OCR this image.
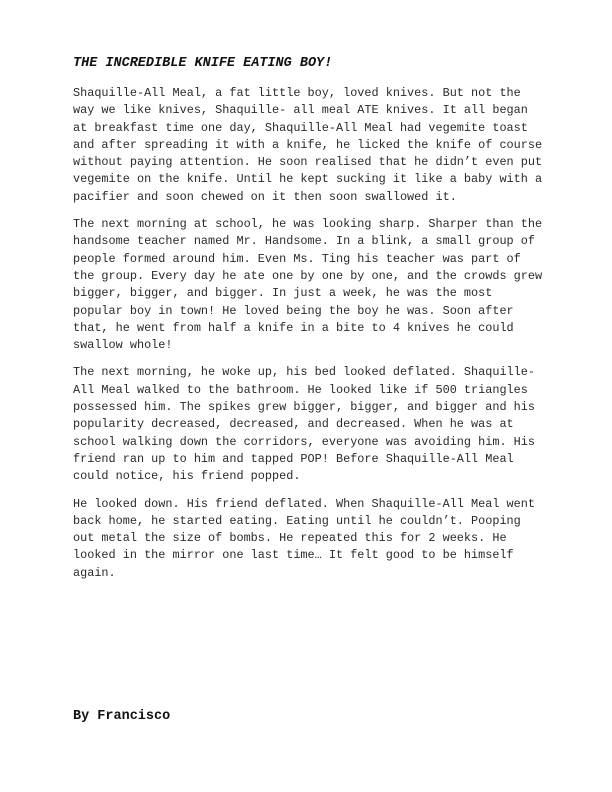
THE INCREDIBLE KNIFE EATING BOY!

Shaquille-All Meal, a fat little boy, loved knives. But not the way we like knives, Shaquille- all meal ATE knives. It all began at breakfast time one day, Shaquille-All Meal had vegemite toast and after spreading it with a knife, he licked the knife of course without paying attention. He soon realised that he didn’t even put vegemite on the knife. Until he kept sucking it like a baby with a pacifier and soon chewed on it then soon swallowed it.

The next morning at school, he was looking sharp. Sharper than the handsome teacher named Mr. Handsome. In a blink, a small group of people formed around him. Even Ms. Ting his teacher was part of the group. Every day he ate one by one by one, and the crowds grew bigger, bigger, and bigger. In just a week, he was the most popular boy in town! He loved being the boy he was. Soon after that, he went from half a knife in a bite to 4 knives he could swallow whole!

The next morning, he woke up, his bed looked deflated. Shaquille-All Meal walked to the bathroom. He looked like if 500 triangles possessed him. The spikes grew bigger, bigger, and bigger and his popularity decreased, decreased, and decreased. When he was at school walking down the corridors, everyone was avoiding him. His friend ran up to him and tapped POP! Before Shaquille-All Meal could notice, his friend popped.

He looked down. His friend deflated. When Shaquille-All Meal went back home, he started eating. Eating until he couldn’t. Pooping out metal the size of bombs. He repeated this for 2 weeks. He looked in the mirror one last time… It felt good to be himself again.

By Francisco
